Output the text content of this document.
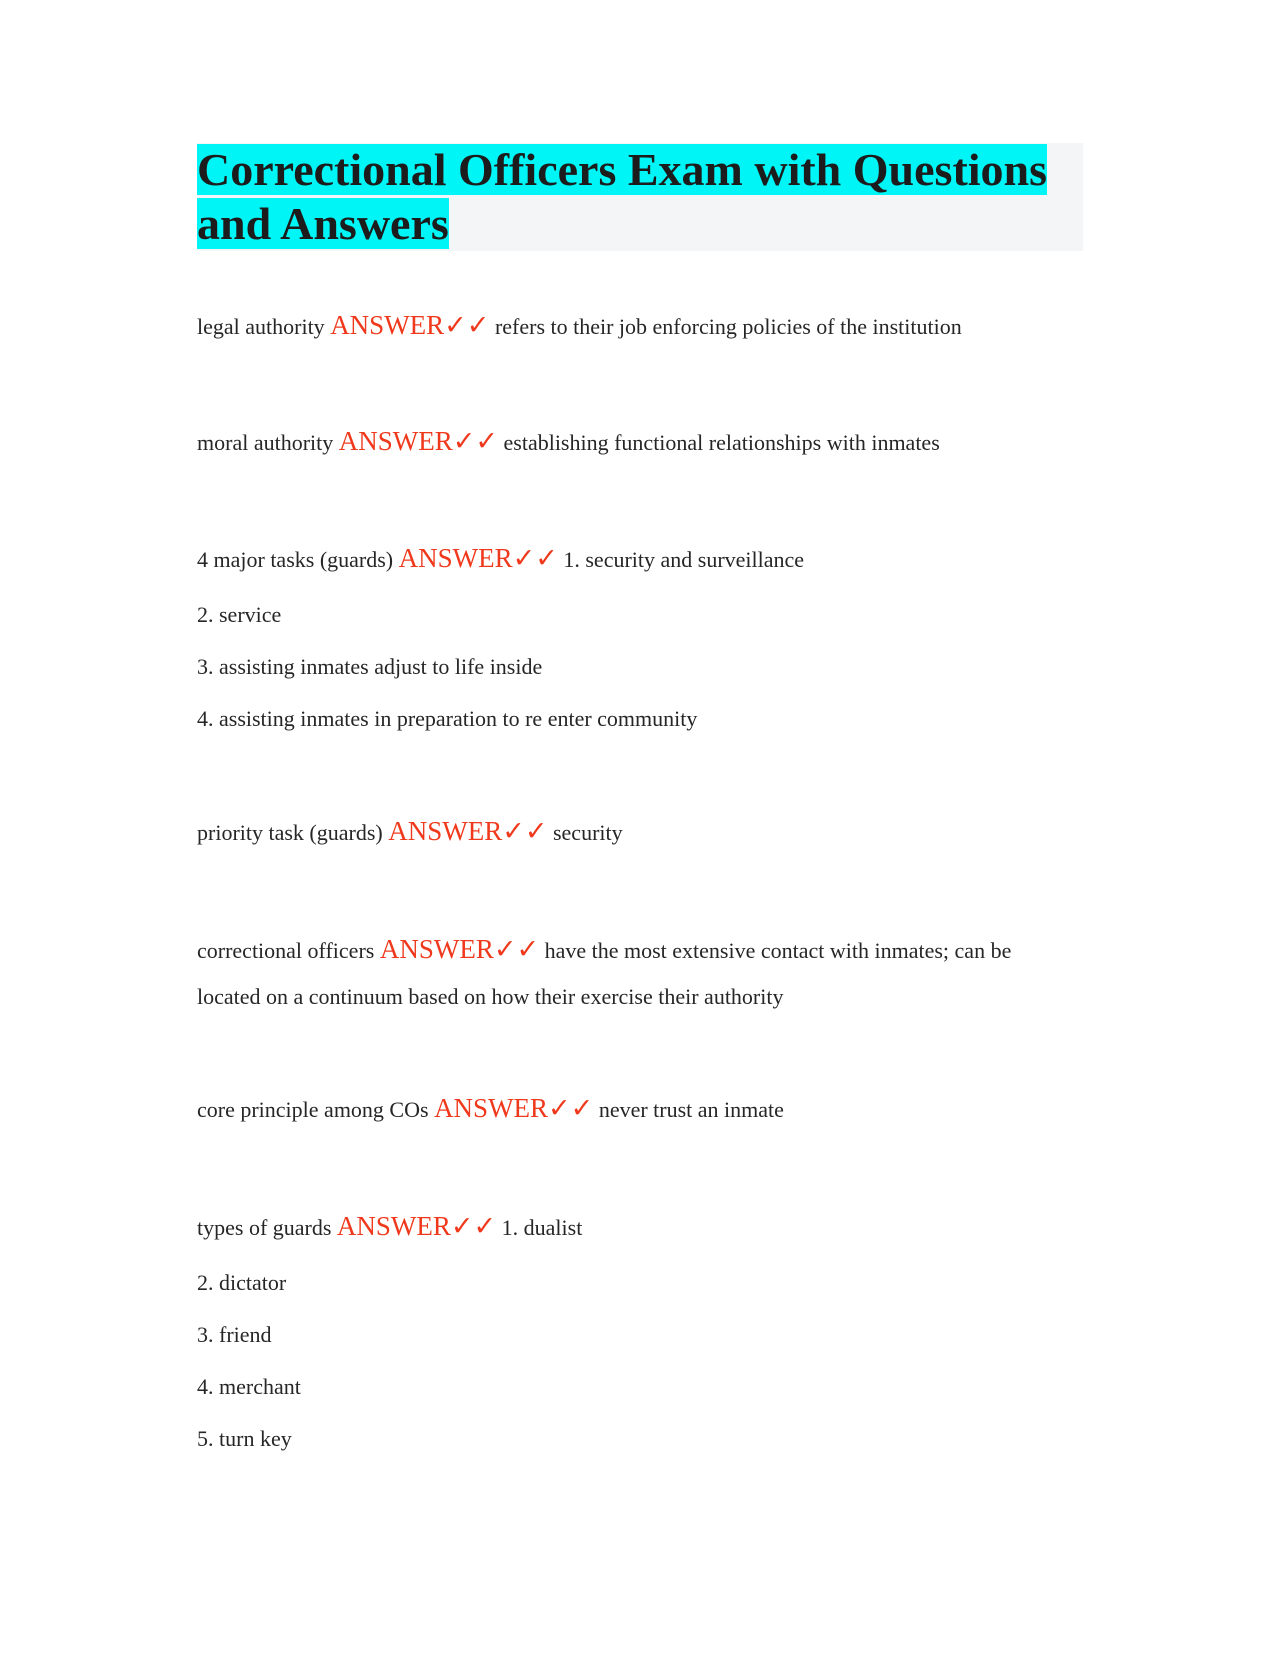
Correctional Officers Exam with Questions and Answers

legal authority ANSWER✓✓ refers to their job enforcing policies of the institution

moral authority ANSWER✓✓ establishing functional relationships with inmates

4 major tasks (guards) ANSWER✓✓ 1. security and surveillance

2. service

3. assisting inmates adjust to life inside

4. assisting inmates in preparation to re enter community

priority task (guards) ANSWER✓✓ security

correctional officers ANSWER✓✓ have the most extensive contact with inmates; can be located on a continuum based on how their exercise their authority

core principle among COs ANSWER✓✓ never trust an inmate

types of guards ANSWER✓✓ 1. dualist

2. dictator

3. friend

4. merchant

5. turn key
